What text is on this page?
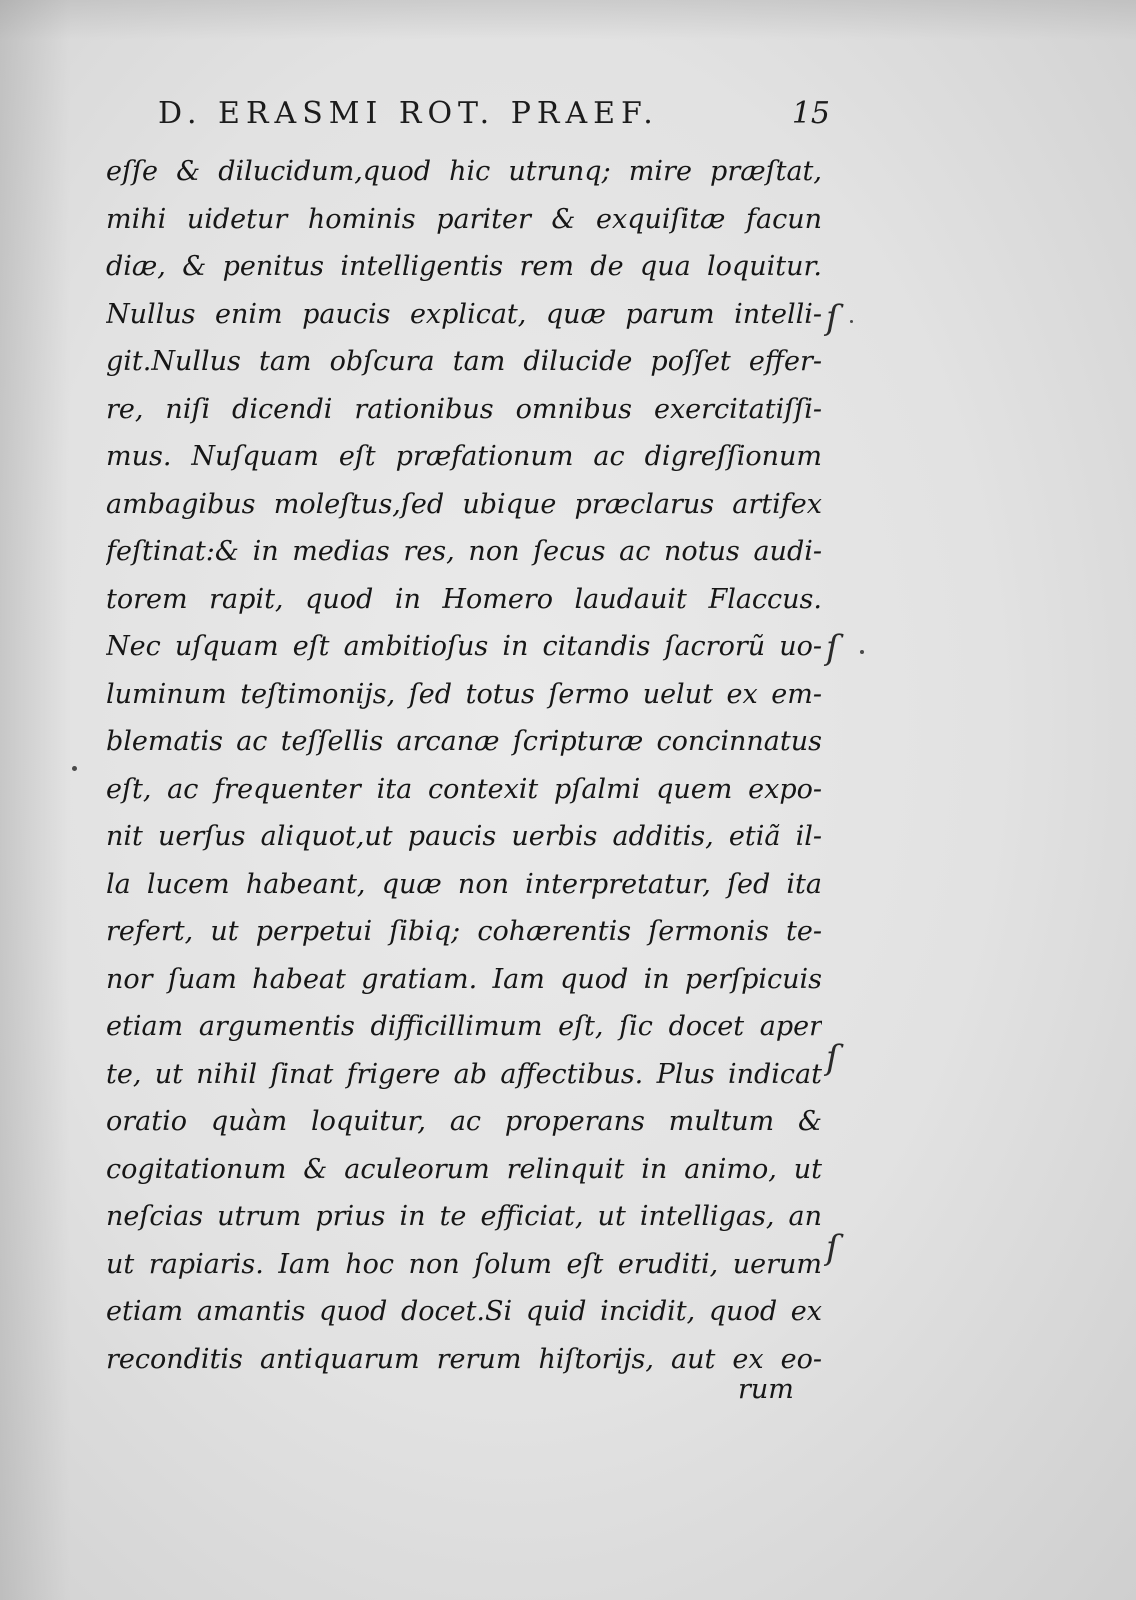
D. ERASMI ROT. PRAEF.	15
eſſe & dilucidum,quod hic utrunq; mire præſtat,
mihi uidetur hominis pariter & exquiſitæ facun
diæ, & penitus intelligentis rem de qua loquitur.
Nullus enim paucis explicat, quæ parum intelli-
git.Nullus tam obſcura tam dilucide poſſet effer-
re, niſi dicendi rationibus omnibus exercitatiſſi-
mus. Nuſquam eſt præfationum ac digreſſionum
ambagibus moleſtus,ſed ubique præclarus artifex
feſtinat:& in medias res, non ſecus ac notus audi-
torem rapit, quod in Homero laudauit Flaccus.
Nec uſquam eſt ambitioſus in citandis ſacrorũ uo-
luminum teſtimonijs, ſed totus ſermo uelut ex em-
blematis ac teſſellis arcanæ ſcripturæ concinnatus
eſt, ac frequenter ita contexit pſalmi quem expo-
nit uerſus aliquot,ut paucis uerbis additis, etiã il-
la lucem habeant, quæ non interpretatur, ſed ita
refert, ut perpetui ſibiq; cohærentis ſermonis te-
nor ſuam habeat gratiam. Iam quod in perſpicuis
etiam argumentis difficillimum eſt, ſic docet aper
te, ut nihil ſinat frigere ab affectibus. Plus indicat
oratio quàm loquitur, ac properans multum &
cogitationum & aculeorum relinquit in animo, ut
neſcias utrum prius in te efficiat, ut intelligas, an
ut rapiaris. Iam hoc non ſolum eſt eruditi, uerum
etiam amantis quod docet.Si quid incidit, quod ex
reconditis antiquarum rerum hiſtorijs, aut ex eo-
rum
ſ
ſ
ſ
ſ
